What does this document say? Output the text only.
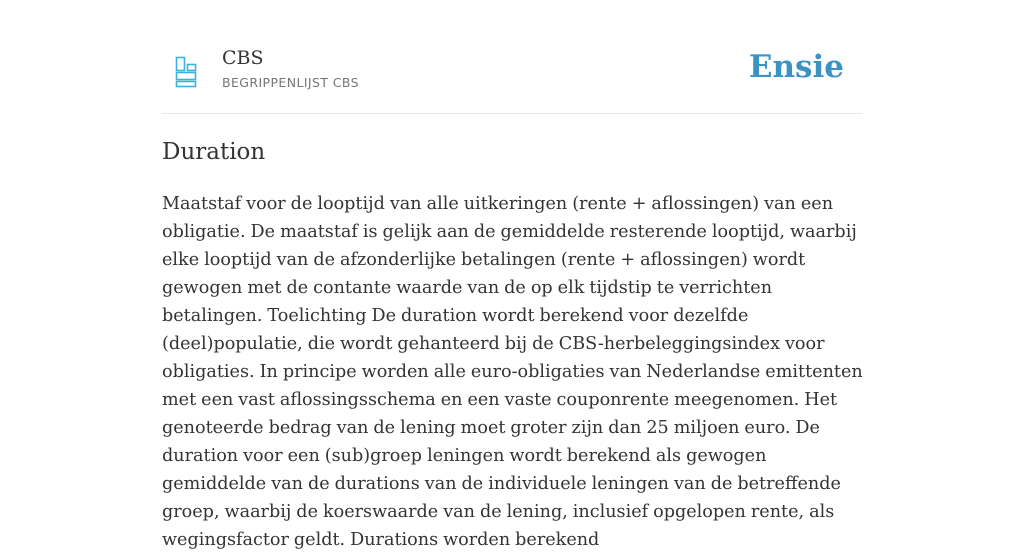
CBS
BEGRIPPENLIJST CBS	Ensie
Duration

Maatstaf voor de looptijd van alle uitkeringen (rente + aflossingen) van een obligatie. De maatstaf is gelijk aan de gemiddelde resterende looptijd, waarbij elke looptijd van de afzonderlijke betalingen (rente + aflossingen) wordt gewogen met de contante waarde van de op elk tijdstip te verrichten betalingen. Toelichting De duration wordt berekend voor dezelfde (deel)populatie, die wordt gehanteerd bij de CBS-herbeleggingsindex voor obligaties. In principe worden alle euro-obligaties van Nederlandse emittenten met een vast aflossingsschema en een vaste couponrente meegenomen. Het genoteerde bedrag van de lening moet groter zijn dan 25 miljoen euro. De duration voor een (sub)groep leningen wordt berekend als gewogen gemiddelde van de durations van de individuele leningen van de betreffende groep, waarbij de koerswaarde van de lening, inclusief opgelopen rente, als wegingsfactor geldt. Durations worden berekend
